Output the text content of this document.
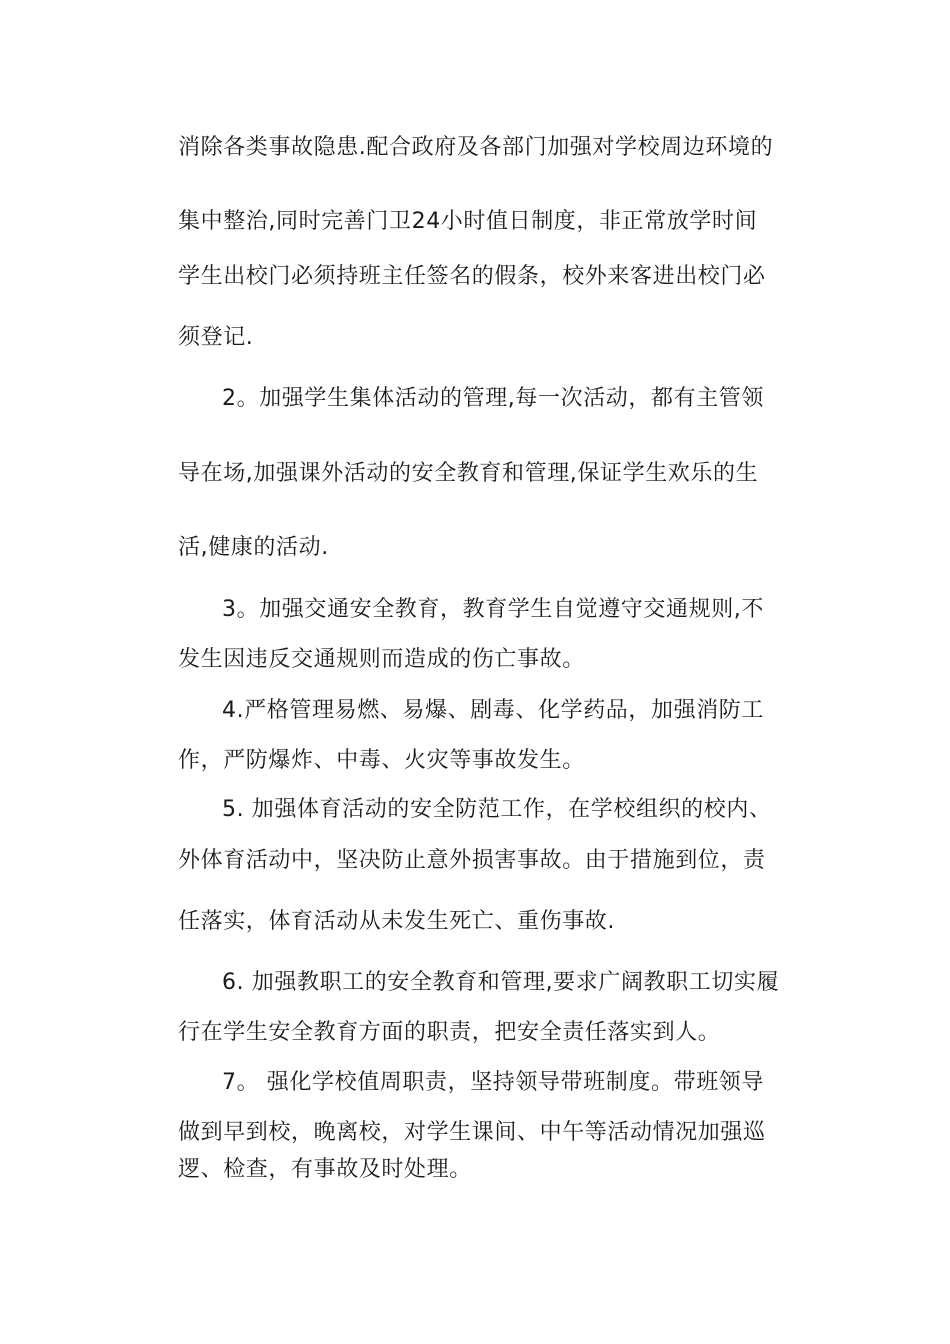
消除各类事故隐患.配合政府及各部门加强对学校周边环境的
集中整治,同时完善门卫24小时值日制度，非正常放学时间
学生出校门必须持班主任签名的假条，校外来客进出校门必
须登记.
2。加强学生集体活动的管理,每一次活动，都有主管领
导在场,加强课外活动的安全教育和管理,保证学生欢乐的生
活,健康的活动.
3。加强交通安全教育，教育学生自觉遵守交通规则,不
发生因违反交通规则而造成的伤亡事故。
4.严格管理易燃、易爆、剧毒、化学药品，加强消防工
作，严防爆炸、中毒、火灾等事故发生。
5. 加强体育活动的安全防范工作，在学校组织的校内、
外体育活动中，坚决防止意外损害事故。由于措施到位，责
任落实，体育活动从未发生死亡、重伤事故.
6. 加强教职工的安全教育和管理,要求广阔教职工切实履
行在学生安全教育方面的职责，把安全责任落实到人。
7。 强化学校值周职责，坚持领导带班制度。带班领导
做到早到校，晚离校，对学生课间、中午等活动情况加强巡
逻、检查，有事故及时处理。
